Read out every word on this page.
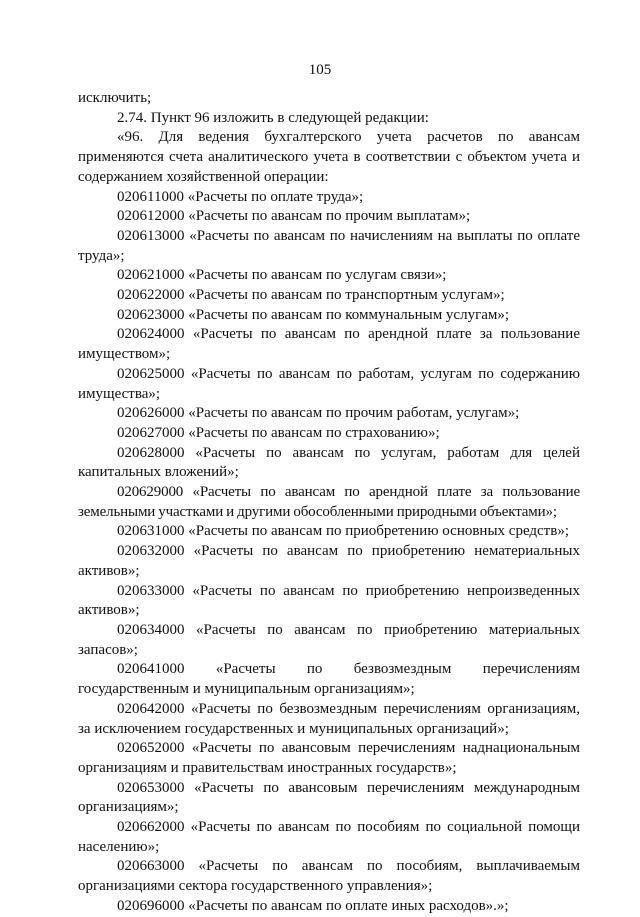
105

исключить;

2.74. Пункт 96 изложить в следующей редакции:

«96. Для ведения бухгалтерского учета расчетов по авансам применяются счета аналитического учета в соответствии с объектом учета и содержанием хозяйственной операции:

020611000 «Расчеты по оплате труда»;

020612000 «Расчеты по авансам по прочим выплатам»;

020613000 «Расчеты по авансам по начислениям на выплаты по оплате труда»;

020621000 «Расчеты по авансам по услугам связи»;

020622000 «Расчеты по авансам по транспортным услугам»;

020623000 «Расчеты по авансам по коммунальным услугам»;

020624000 «Расчеты по авансам по арендной плате за пользование имуществом»;

020625000 «Расчеты по авансам по работам, услугам по содержанию имущества»;

020626000 «Расчеты по авансам по прочим работам, услугам»;

020627000 «Расчеты по авансам по страхованию»;

020628000 «Расчеты по авансам по услугам, работам для целей капитальных вложений»;

020629000 «Расчеты по авансам по арендной плате за пользование земельными участками и другими обособленными природными объектами»;

020631000 «Расчеты по авансам по приобретению основных средств»;

020632000 «Расчеты по авансам по приобретению нематериальных активов»;

020633000 «Расчеты по авансам по приобретению непроизведенных активов»;

020634000 «Расчеты по авансам по приобретению материальных запасов»;

020641000 «Расчеты по безвозмездным перечислениям государственным и муниципальным организациям»;

020642000 «Расчеты по безвозмездным перечислениям организациям, за исключением государственных и муниципальных организаций»;

020652000 «Расчеты по авансовым перечислениям наднациональным организациям и правительствам иностранных государств»;

020653000 «Расчеты по авансовым перечислениям международным организациям»;

020662000 «Расчеты по авансам по пособиям по социальной помощи населению»;

020663000 «Расчеты по авансам по пособиям, выплачиваемым организациями сектора государственного управления»;

020696000 «Расчеты по авансам по оплате иных расходов».»;
